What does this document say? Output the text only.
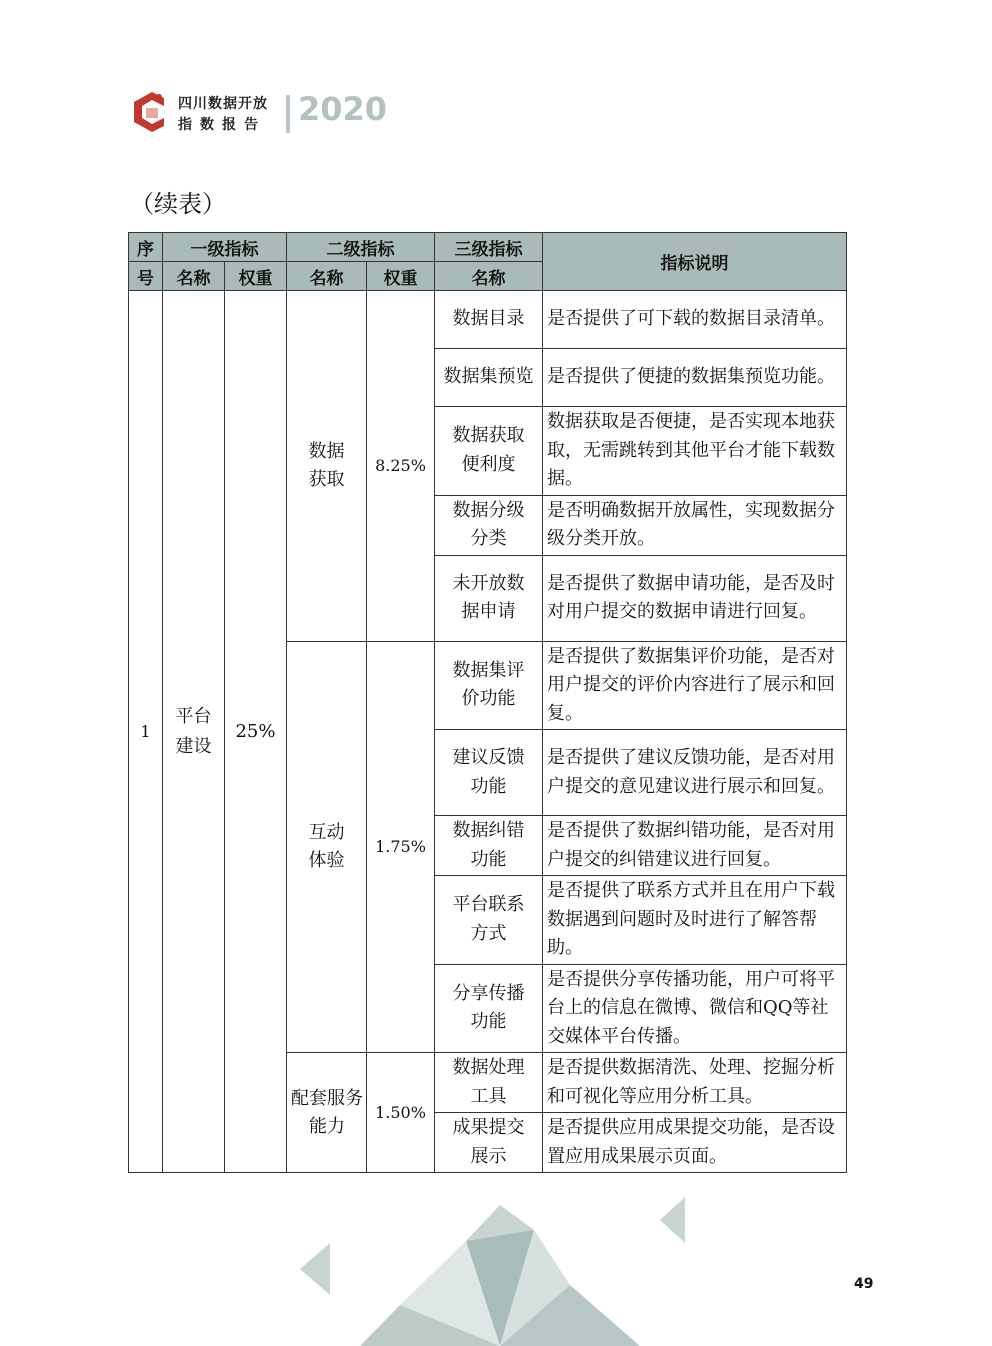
四川数据开放
指数报告 2020
（续表）
序	一级指标		二级指标		三级指标	指标说明
号	名称	权重	名称	权重	名称	
1	平台建设	25%	数据获取	8.25%	数据目录	是否提供了可下载的数据目录清单。
					数据集预览	是否提供了便捷的数据集预览功能。

					数据获取便利度	数据获取是否便捷，是否实现本地获取，无需跳转到其他平台才能下载数据。

					数据分级分类	是否明确数据开放属性，实现数据分级分类开放。

					未开放数据申请	是否提供了数据申请功能，是否及时对用户提交的数据申请进行回复。

			互动体验	1.75%	数据集评价功能	是否提供了数据集评价功能，是否对用户提交的评价内容进行了展示和回复。

					建议反馈功能	是否提供了建议反馈功能，是否对用户提交的意见建议进行展示和回复。

					数据纠错功能	是否提供了数据纠错功能，是否对用户提交的纠错建议进行回复。

					平台联系方式	是否提供了联系方式并且在用户下载数据遇到问题时及时进行了解答帮助。

					分享传播功能	是否提供分享传播功能，用户可将平台上的信息在微博、微信和QQ等社交媒体平台传播。

			配套服务能力	1.50%	数据处理工具	是否提供数据清洗、处理、挖掘分析和可视化等应用分析工具。

					成果提交展示	是否提供应用成果提交功能，是否设置应用成果展示页面。
49
